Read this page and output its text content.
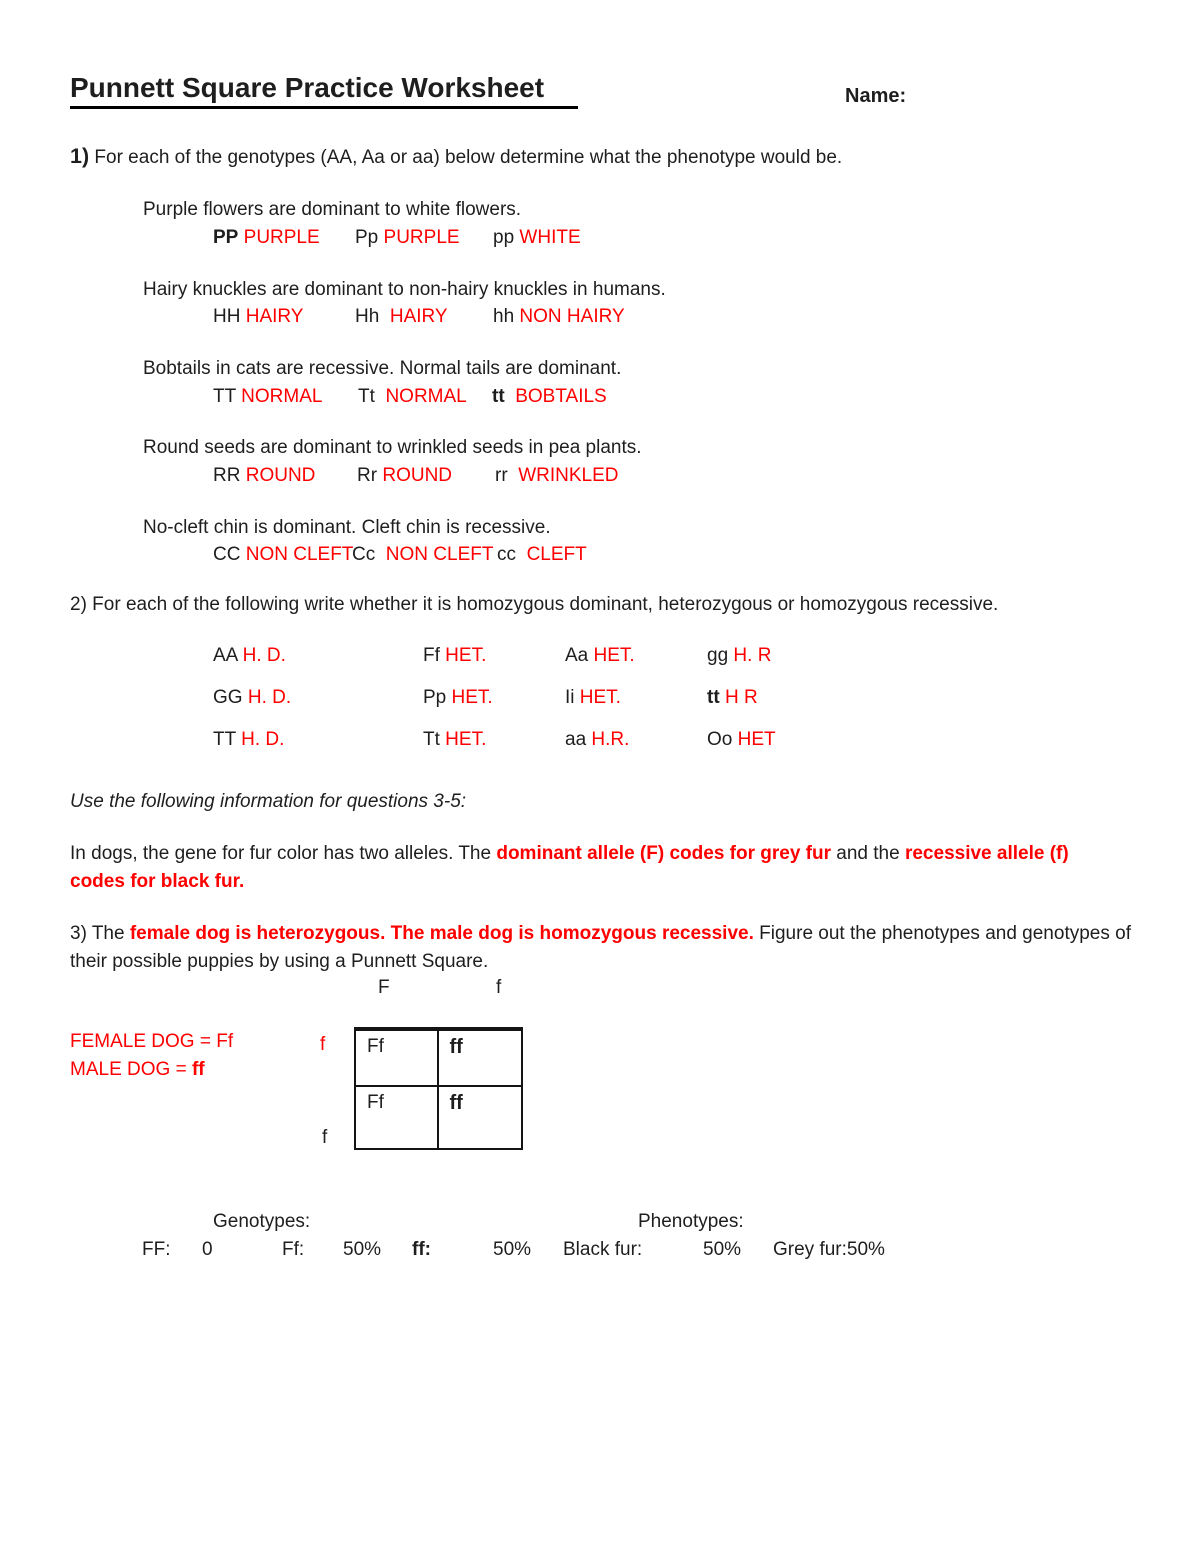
Punnett Square Practice Worksheet	Name:
1) For each of the genotypes (AA, Aa or aa) below determine what the phenotype would be.
Purple flowers are dominant to white flowers.
PP PURPLE Pp PURPLE pp WHITE
Hairy knuckles are dominant to non-hairy knuckles in humans.
HH HAIRY	Hh HAIRY hh NON HAIRY
Bobtails in cats are recessive. Normal tails are dominant.
TT NORMAL Tt NORMAL tt BOBTAILS
Round seeds are dominant to wrinkled seeds in pea plants.
RR ROUND Rr ROUND rr WRINKLED
No-cleft chin is dominant. Cleft chin is recessive.
CC NON CLEFT
Cc NON CLEFT cc CLEFT
2) For each of the following write whether it is homozygous dominant, heterozygous or homozygous recessive.
AA H. D.	Ff HET.	Aa HET.	gg H. R
GG H. D.	Pp HET.	Ii HET.	tt H R
TT H. D.	Tt HET.	aa H.R.	Oo HET
Use the following information for questions 3-5:
In dogs, the gene for fur color has two alleles. The dominant allele (F) codes for grey fur and the recessive allele (f)
codes for black fur.
3) The female dog is heterozygous. The male dog is homozygous recessive. Figure out the phenotypes and genotypes of
their possible puppies by using a Punnett Square.
F	f
FEMALE DOG = Ff
MALE DOG = ff
f
f
Ff	ff
Ff	ff
Genotypes:	Phenotypes:
FF: 0	Ff: 50% ff:	50% Black fur:	50% Grey fur:50%
